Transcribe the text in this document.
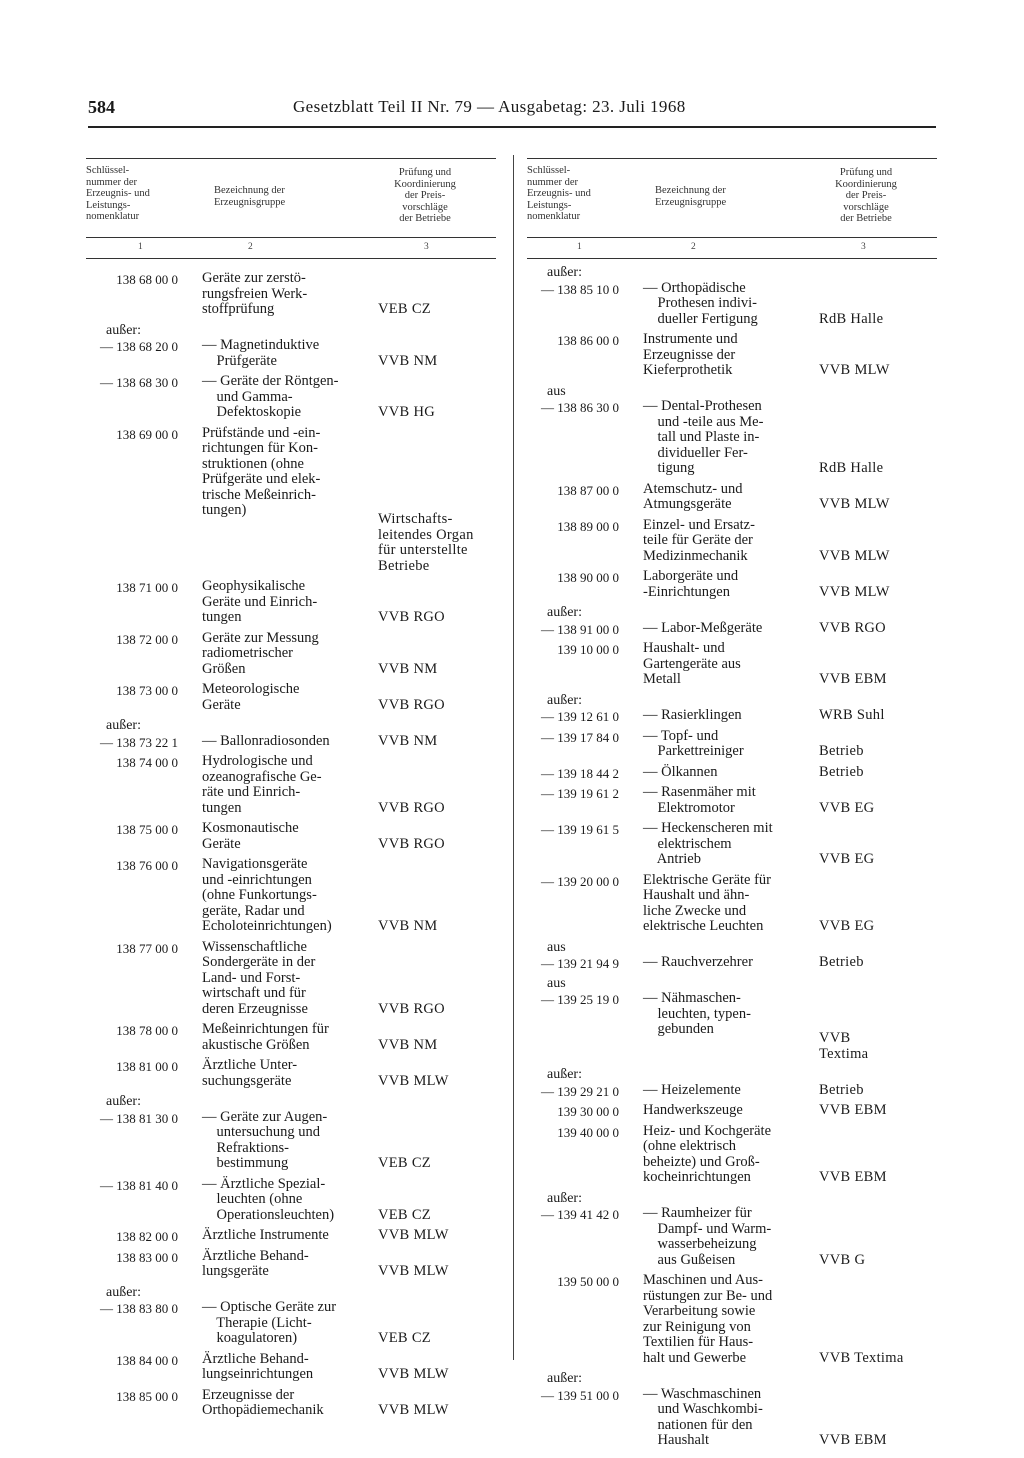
584	Gesetzblatt Teil II Nr. 79 — Ausgabetag: 23. Juli 1968
Schlüssel-
nummer der
Erzeugnis- und
Leistungs-
nomenklatur
Bezeichnung der
Erzeugnisgruppe
Prüfung und
Koordinierung
der Preis-
vorschläge
der Betriebe
1	2	3
138 68 00 0 Geräte zur zerstö-
rungsfreien Werk-
stoffprüfung	VEB CZ
außer:
— 138 68 20 0 — Magnetinduktive
Prüfgeräte	VVB NM
— 138 68 30 0 — Geräte der Röntgen-
und Gamma-
Defektoskopie	VVB HG
138 69 00 0 Prüfstände und -ein-
richtungen für Kon-
struktionen (ohne
Prüfgeräte und elek-
trische Meßeinrich-
tungen)
Wirtschafts-
leitendes Organ
für unterstellte
Betriebe
138 71 00 0 Geophysikalische
Geräte und Einrich-
tungen	VVB RGO
138 72 00 0 Geräte zur Messung
radiometrischer
Größen	VVB NM
138 73 00 0 Meteorologische
Geräte	VVB RGO
außer:
— 138 73 22 1 — Ballonradiosonden	VVB NM
138 74 00 0 Hydrologische und
ozeanografische Ge-
räte und Einrich-
tungen	VVB RGO
138 75 00 0 Kosmonautische
Geräte	VVB RGO
138 76 00 0 Navigationsgeräte
und -einrichtungen
(ohne Funkortungs-
geräte, Radar und
Echoloteinrichtungen)	VVB NM
138 77 00 0 Wissenschaftliche
Sondergeräte in der
Land- und Forst-
wirtschaft und für
deren Erzeugnisse	VVB RGO
138 78 00 0 Meßeinrichtungen für
akustische Größen	VVB NM
138 81 00 0 Ärztliche Unter-
suchungsgeräte	VVB MLW
außer:
— 138 81 30 0 — Geräte zur Augen-
untersuchung und
Refraktions-
bestimmung	VEB CZ
— 138 81 40 0 — Ärztliche Spezial-
leuchten (ohne
Operationsleuchten)	VEB CZ
138 82 00 0 Ärztliche Instrumente	VVB MLW
138 83 00 0 Ärztliche Behand-
lungsgeräte	VVB MLW
außer:
— 138 83 80 0 — Optische Geräte zur
Therapie (Licht-
koagulatoren)	VEB CZ
138 84 00 0 Ärztliche Behand-
lungseinrichtungen	VVB MLW
138 85 00 0 Erzeugnisse der
Orthopädiemechanik	VVB MLW
Schlüssel-
nummer der
Erzeugnis- und
Leistungs-
nomenklatur
Bezeichnung der
Erzeugnisgruppe
Prüfung und
Koordinierung
der Preis-
vorschläge
der Betriebe
1	2	3
außer:
— 138 85 10 0 — Orthopädische
Prothesen indivi-
dueller Fertigung	RdB Halle
138 86 00 0 Instrumente und
Erzeugnisse der
Kieferprothetik	VVB MLW
aus
— 138 86 30 0 — Dental-Prothesen
und -teile aus Me-
tall und Plaste in-
dividueller Fer-
tigung	RdB Halle
138 87 00 0 Atemschutz- und
Atmungsgeräte	VVB MLW
138 89 00 0 Einzel- und Ersatz-
teile für Geräte der
Medizinmechanik	VVB MLW
138 90 00 0 Laborgeräte und
-Einrichtungen	VVB MLW
außer:
— 138 91 00 0 — Labor-Meßgeräte	VVB RGO
139 10 00 0 Haushalt- und
Gartengeräte aus
Metall	VVB EBM
außer:
— 139 12 61 0 — Rasierklingen	WRB Suhl
— 139 17 84 0 — Topf- und
Parkettreiniger	Betrieb
— 139 18 44 2 — Ölkannen	Betrieb
— 139 19 61 2 — Rasenmäher mit
Elektromotor	VVB EG
— 139 19 61 5 — Heckenscheren mit
elektrischem
Antrieb	VVB EG
— 139 20 00 0 Elektrische Geräte für
Haushalt und ähn-
liche Zwecke und
elektrische Leuchten	VVB EG
aus
— 139 21 94 9 — Rauchverzehrer	Betrieb
aus
— 139 25 19 0 — Nähmaschen-
leuchten, typen-
gebunden
VVB
Textima
außer:
— 139 29 21 0 — Heizelemente	Betrieb
139 30 00 0 Handwerkszeuge	VVB EBM
139 40 00 0 Heiz- und Kochgeräte
(ohne elektrisch
beheizte) und Groß-
kocheinrichtungen	VVB EBM
außer:
— 139 41 42 0 — Raumheizer für
Dampf- und Warm-
wasserbeheizung
aus Gußeisen	VVB G
139 50 00 0 Maschinen und Aus-
rüstungen zur Be- und
Verarbeitung sowie
zur Reinigung von
Textilien für Haus-
halt und Gewerbe	VVB Textima
außer:
— 139 51 00 0 — Waschmaschinen
und Waschkombi-
nationen für den
Haushalt	VVB EBM
